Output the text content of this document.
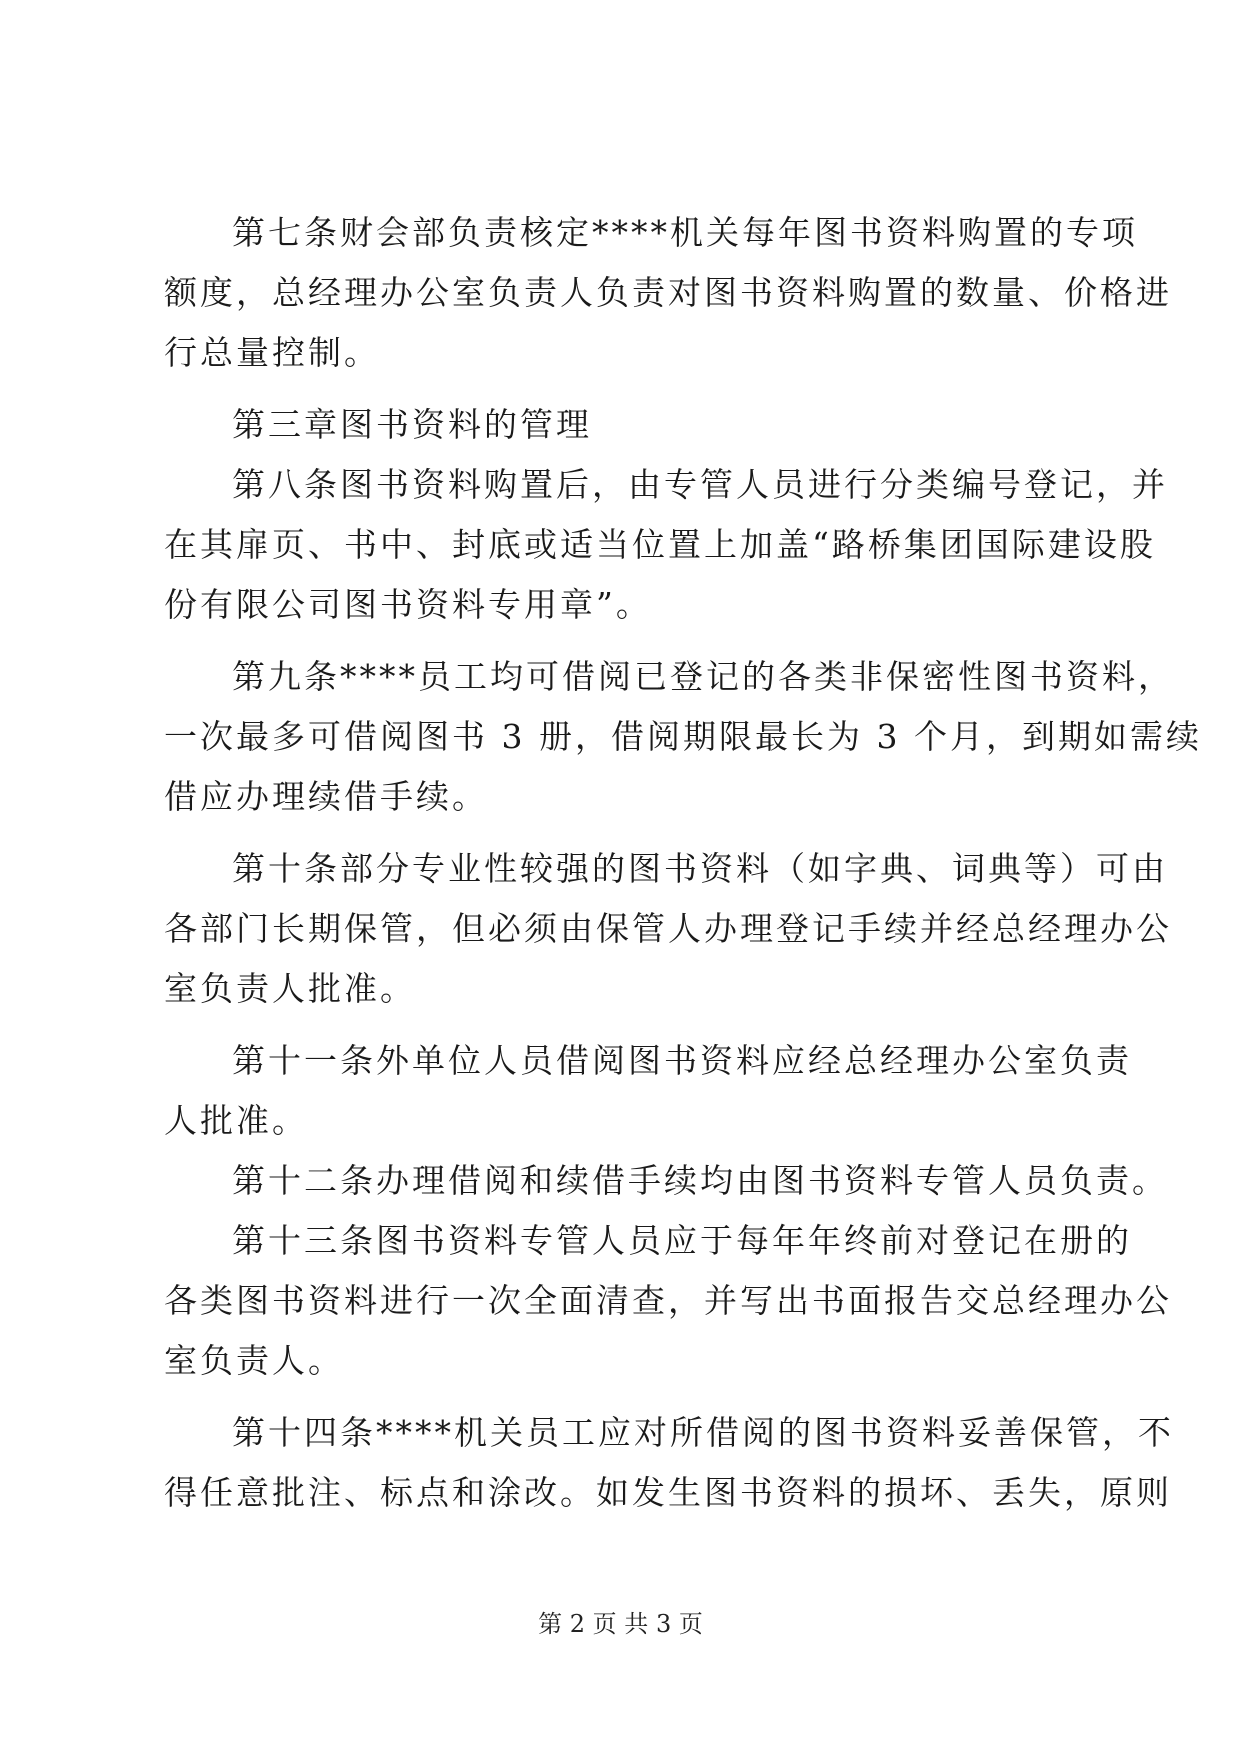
第七条财会部负责核定****机关每年图书资料购置的专项
额度，总经理办公室负责人负责对图书资料购置的数量、价格进
行总量控制。
第三章图书资料的管理
第八条图书资料购置后，由专管人员进行分类编号登记，并
在其扉页、书中、封底或适当位置上加盖“路桥集团国际建设股
份有限公司图书资料专用章”。
第九条****员工均可借阅已登记的各类非保密性图书资料，
一次最多可借阅图书 3 册，借阅期限最长为 3 个月，到期如需续
借应办理续借手续。
第十条部分专业性较强的图书资料（如字典、词典等）可由
各部门长期保管，但必须由保管人办理登记手续并经总经理办公
室负责人批准。
第十一条外单位人员借阅图书资料应经总经理办公室负责
人批准。
第十二条办理借阅和续借手续均由图书资料专管人员负责。
第十三条图书资料专管人员应于每年年终前对登记在册的
各类图书资料进行一次全面清查，并写出书面报告交总经理办公
室负责人。
第十四条****机关员工应对所借阅的图书资料妥善保管，不
得任意批注、标点和涂改。如发生图书资料的损坏、丢失，原则
第 2 页 共 3 页
